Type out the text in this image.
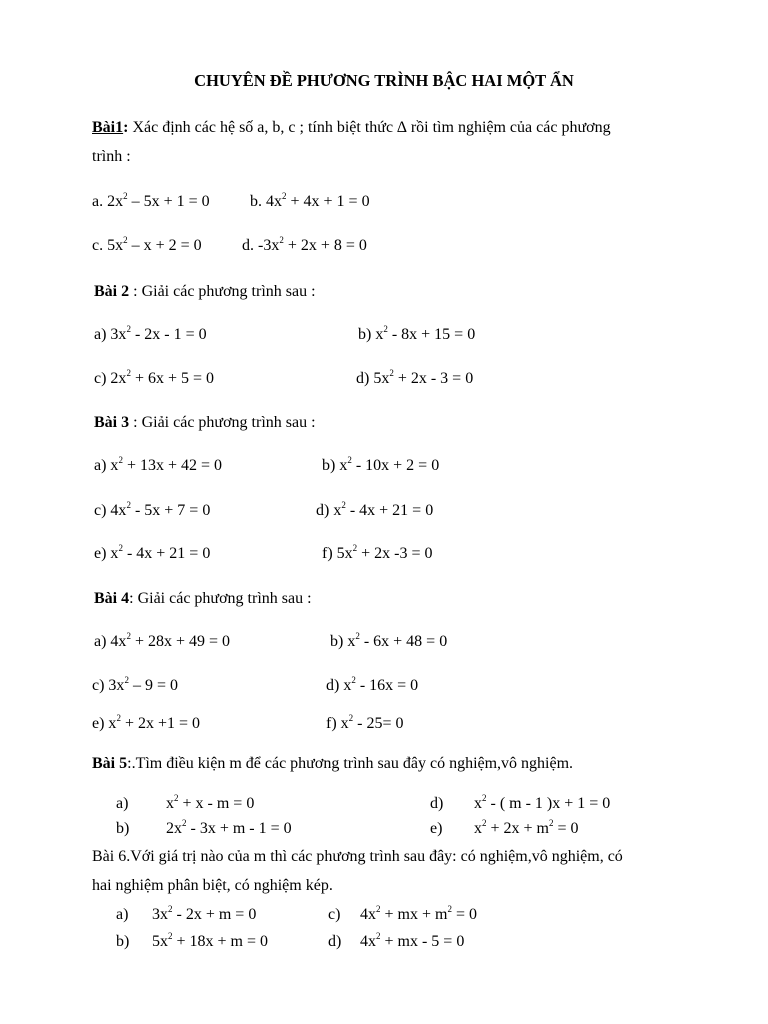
CHUYÊN ĐỀ PHƯƠNG TRÌNH BẬC HAI MỘT ẨN
Bài1: Xác định các hệ số a, b, c ; tính biệt thức ∆ rồi tìm nghiệm của các phương
trình :
a. $2x^2 - 5x + 1 = 0$	b. $4x^2 + 4x + 1 = 0$
c. $5x^2 - x + 2 = 0$	d. $-3x^2 + 2x + 8 = 0$
Bài 2 : Giải các phương trình sau :
a) $3x^2 - 2x - 1 = 0$	b) $x^2 - 8x + 15 = 0$
c) $2x^2 + 6x + 5 = 0$	d) $5x^2 + 2x - 3 = 0$
Bài 3 : Giải các phương trình sau :
a) $x^2 + 13x + 42 = 0$	b) $x^2 - 10x + 2 = 0$
c) $4x^2 - 5x + 7 = 0$	d) $x^2 - 4x + 21 = 0$
e) $x^2 - 4x + 21 = 0$	f) $5x^2 + 2x$ -3 = 0
Bài 4: Giải các phương trình sau :
a) $4x^2 + 28x + 49 = 0$	b) $x^2 - 6x + 48 = 0$
c) $3x^2 - 9 = 0$	d) $x^2 - 16x = 0$
e) $x^2 + 2x +1 = 0$	f) $x^2 - 25= 0$
Bài 5:.Tìm điều kiện m để các phương trình sau đây có nghiệm,vô nghiệm.
a) $x^2 + x - m = 0$	d) $x^2$ - ( m - 1 )x + 1 = 0
b) $2x^2 - 3x + m - 1 = 0$	e) $x^2 + 2x + m^2 = 0$
Bài 6.Với giá trị nào của m thì các phương trình sau đây: có nghiệm,vô nghiệm, có
hai nghiệm phân biệt, có nghiệm kép.
a) $3x^2 - 2x + m = 0$	c) $4x^2$ + mx + $m^2 = 0$
b) $5x^2 + 18x + m = 0$	d) $4x^2$ + mx - 5 = 0
